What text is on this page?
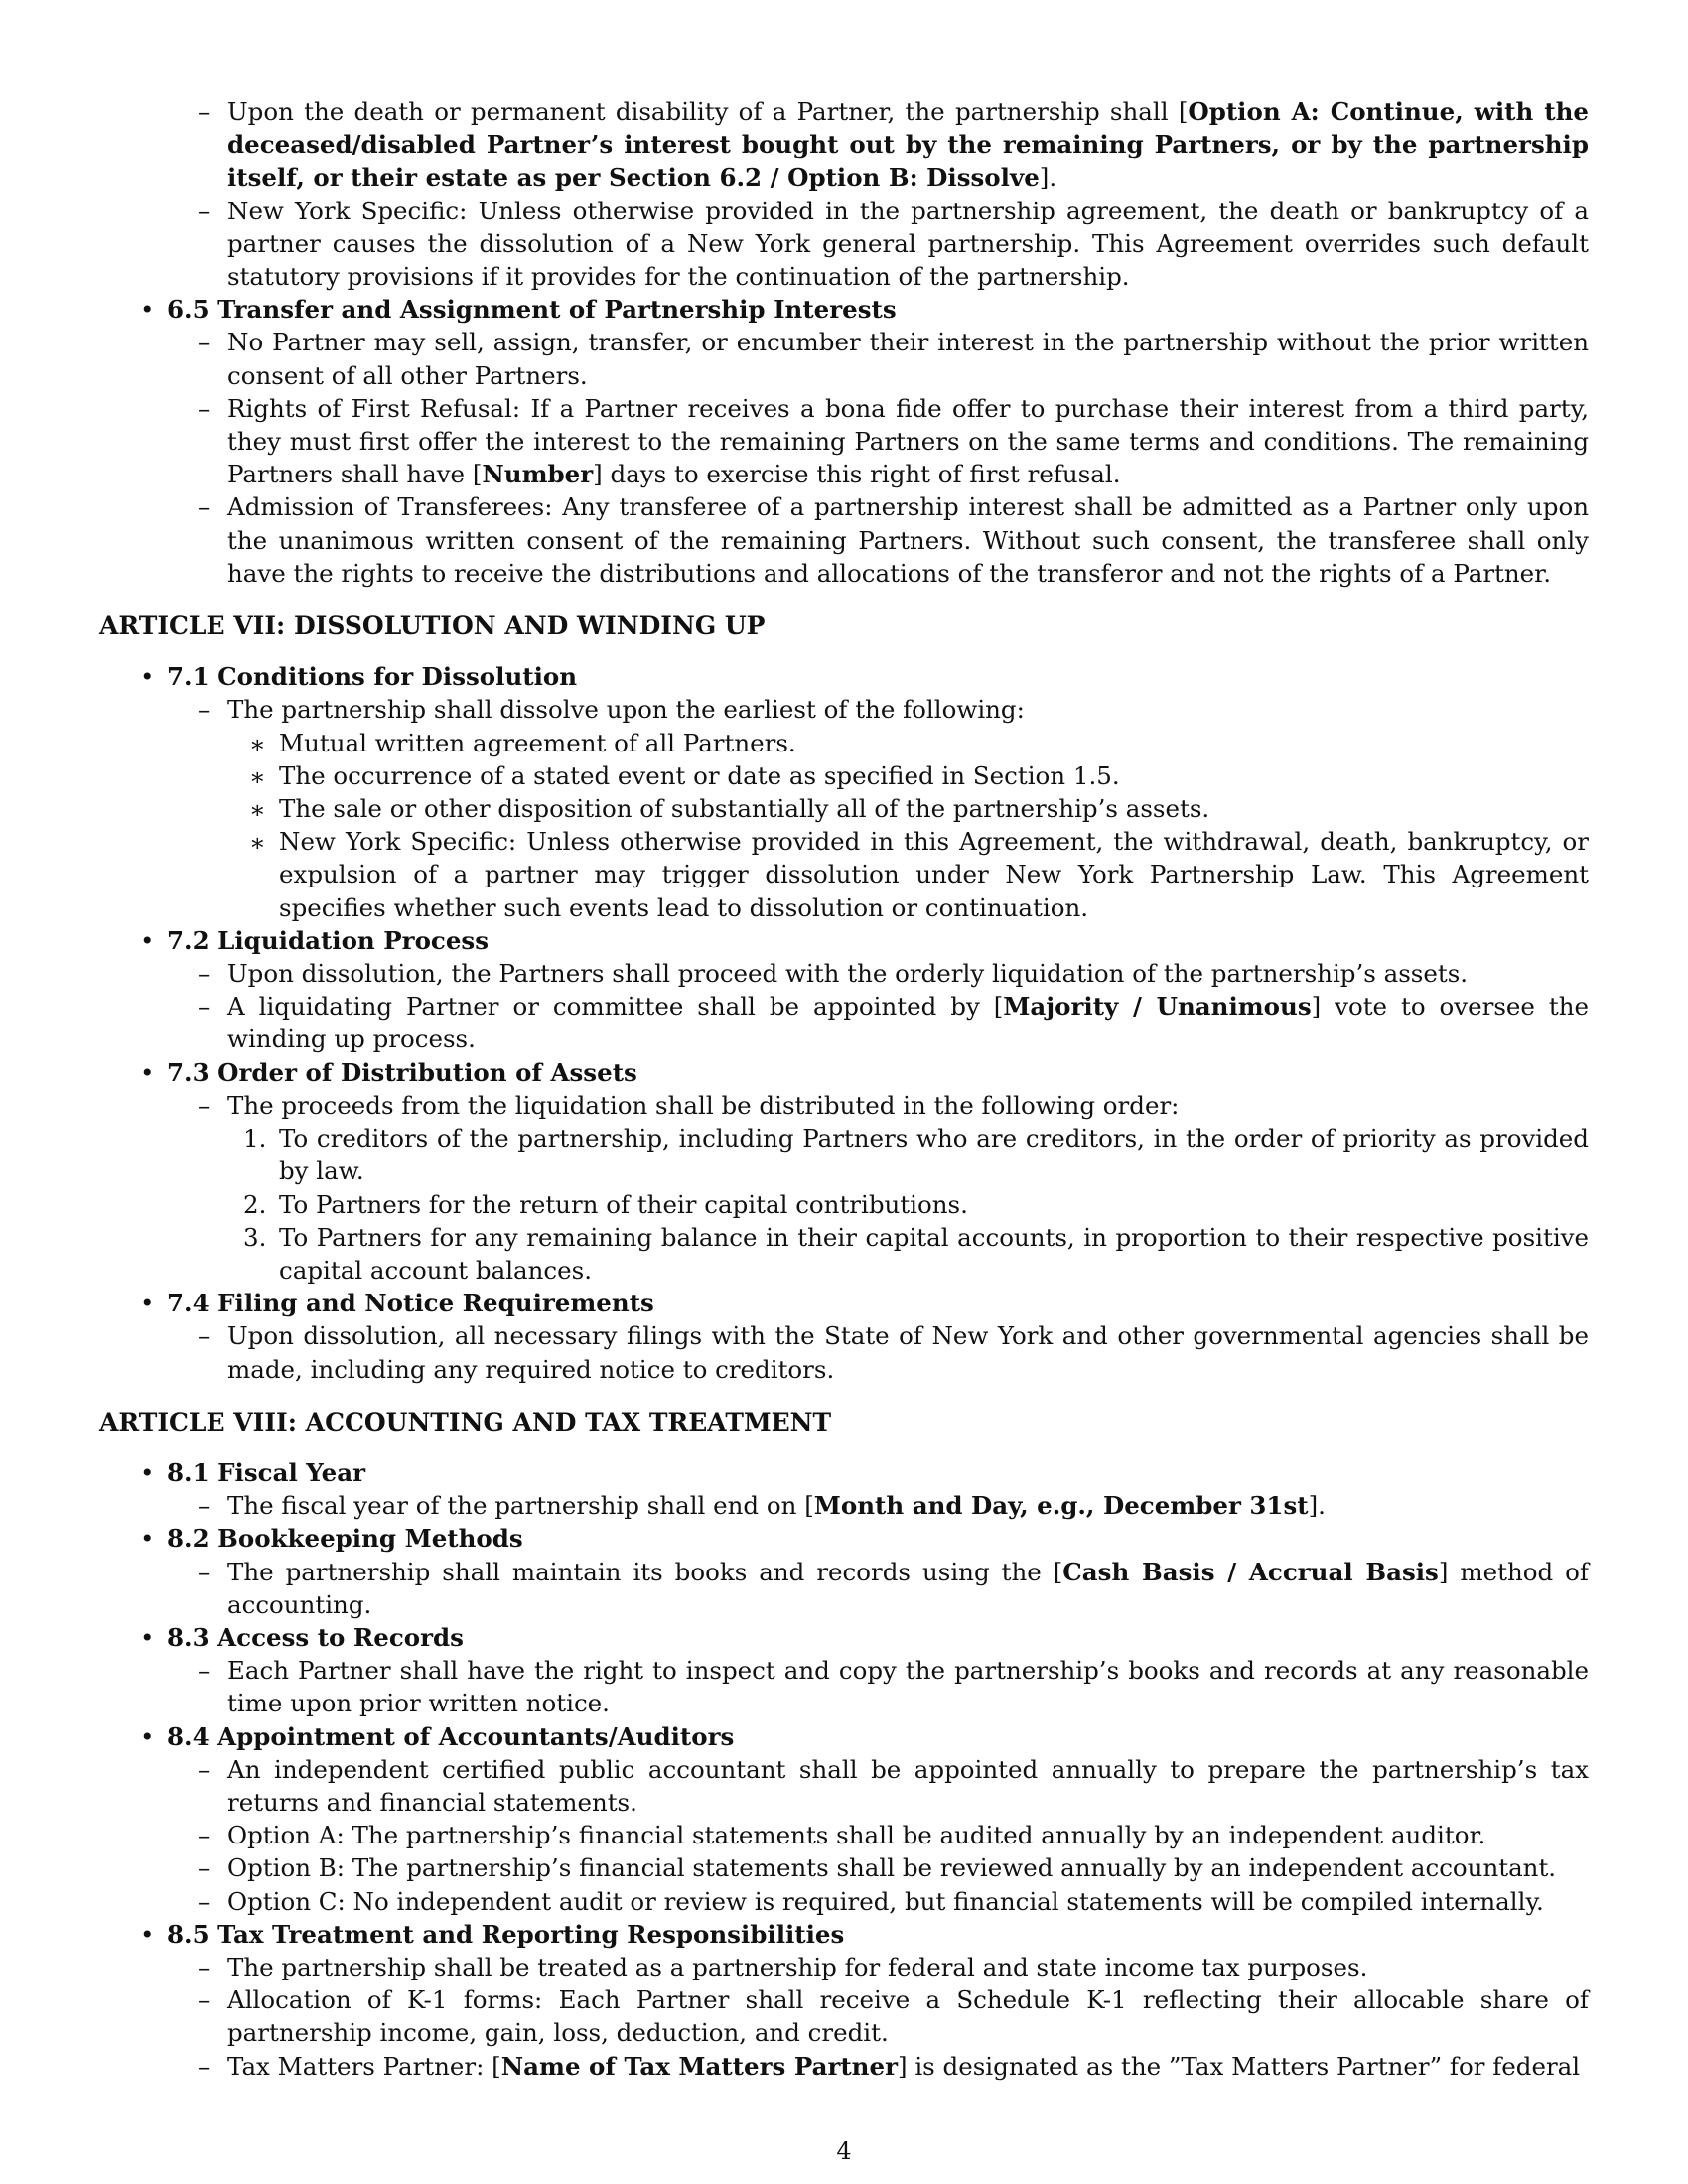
– Upon the death or permanent disability of a Partner, the partnership shall [Option A: Continue, with the deceased/disabled Partner’s interest bought out by the remaining Partners, or by the partnership itself, or their estate as per Section 6.2 / Option B: Dissolve].
– New York Specific: Unless otherwise provided in the partnership agreement, the death or bankruptcy of a partner causes the dissolution of a New York general partnership. This Agreement overrides such default statutory provisions if it provides for the continuation of the partnership.
• 6.5 Transfer and Assignment of Partnership Interests
– No Partner may sell, assign, transfer, or encumber their interest in the partnership without the prior written consent of all other Partners.
– Rights of First Refusal: If a Partner receives a bona fide offer to purchase their interest from a third party, they must first offer the interest to the remaining Partners on the same terms and conditions. The remaining Partners shall have [Number] days to exercise this right of first refusal.
– Admission of Transferees: Any transferee of a partnership interest shall be admitted as a Partner only upon the unanimous written consent of the remaining Partners. Without such consent, the transferee shall only have the rights to receive the distributions and allocations of the transferor and not the rights of a Partner.
ARTICLE VII: DISSOLUTION AND WINDING UP
• 7.1 Conditions for Dissolution
– The partnership shall dissolve upon the earliest of the following:
∗ Mutual written agreement of all Partners.
∗ The occurrence of a stated event or date as specified in Section 1.5.
∗ The sale or other disposition of substantially all of the partnership’s assets.
∗ New York Specific: Unless otherwise provided in this Agreement, the withdrawal, death, bankruptcy, or expulsion of a partner may trigger dissolution under New York Partnership Law. This Agreement specifies whether such events lead to dissolution or continuation.
• 7.2 Liquidation Process
– Upon dissolution, the Partners shall proceed with the orderly liquidation of the partnership’s assets.
– A liquidating Partner or committee shall be appointed by [Majority / Unanimous] vote to oversee the winding up process.
• 7.3 Order of Distribution of Assets
– The proceeds from the liquidation shall be distributed in the following order:
1. To creditors of the partnership, including Partners who are creditors, in the order of priority as provided by law.
2. To Partners for the return of their capital contributions.
3. To Partners for any remaining balance in their capital accounts, in proportion to their respective positive capital account balances.
• 7.4 Filing and Notice Requirements
– Upon dissolution, all necessary filings with the State of New York and other governmental agencies shall be made, including any required notice to creditors.
ARTICLE VIII: ACCOUNTING AND TAX TREATMENT
• 8.1 Fiscal Year
– The fiscal year of the partnership shall end on [Month and Day, e.g., December 31st].
• 8.2 Bookkeeping Methods
– The partnership shall maintain its books and records using the [Cash Basis / Accrual Basis] method of accounting.
• 8.3 Access to Records
– Each Partner shall have the right to inspect and copy the partnership’s books and records at any reasonable time upon prior written notice.
• 8.4 Appointment of Accountants/Auditors
– An independent certified public accountant shall be appointed annually to prepare the partnership’s tax returns and financial statements.
– Option A: The partnership’s financial statements shall be audited annually by an independent auditor.
– Option B: The partnership’s financial statements shall be reviewed annually by an independent accountant.
– Option C: No independent audit or review is required, but financial statements will be compiled internally.
• 8.5 Tax Treatment and Reporting Responsibilities
– The partnership shall be treated as a partnership for federal and state income tax purposes.
– Allocation of K-1 forms: Each Partner shall receive a Schedule K-1 reflecting their allocable share of partnership income, gain, loss, deduction, and credit.
– Tax Matters Partner: [Name of Tax Matters Partner] is designated as the ”Tax Matters Partner” for federal
4
